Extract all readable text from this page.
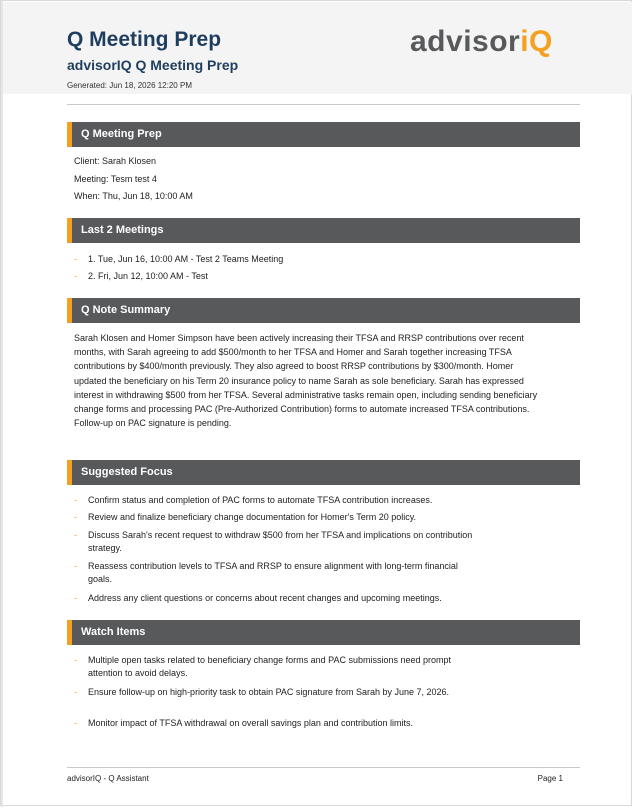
Q Meeting Prep
advisorIQ Q Meeting Prep
Generated: Jun 18, 2026 12:20 PM
advisoriQ
Q Meeting Prep
Client: Sarah Klosen
Meeting: Tesm test 4
When: Thu, Jun 18, 10:00 AM
Last 2 Meetings
- 1. Tue, Jun 16, 10:00 AM - Test 2 Teams Meeting
- 2. Fri, Jun 12, 10:00 AM - Test
Q Note Summary

Sarah Klosen and Homer Simpson have been actively increasing their TFSA and RRSP contributions over recent months, with Sarah agreeing to add $500/month to her TFSA and Homer and Sarah together increasing TFSA contributions by $400/month previously. They also agreed to boost RRSP contributions by $300/month. Homer updated the beneficiary on his Term 20 insurance policy to name Sarah as sole beneficiary. Sarah has expressed interest in withdrawing $500 from her TFSA. Several administrative tasks remain open, including sending beneficiary change forms and processing PAC (Pre-Authorized Contribution) forms to automate increased TFSA contributions. Follow-up on PAC signature is pending.

Suggested Focus
- Confirm status and completion of PAC forms to automate TFSA contribution increases.
- Review and finalize beneficiary change documentation for Homer's Term 20 policy.
- Discuss Sarah's recent request to withdraw $500 from her TFSA and implications on contribution strategy.
- Reassess contribution levels to TFSA and RRSP to ensure alignment with long-term financial goals.
- Address any client questions or concerns about recent changes and upcoming meetings.
Watch Items
- Multiple open tasks related to beneficiary change forms and PAC submissions need prompt attention to avoid delays.
- Ensure follow-up on high-priority task to obtain PAC signature from Sarah by June 7, 2026.
- Monitor impact of TFSA withdrawal on overall savings plan and contribution limits.
advisorIQ - Q Assistant	Page 1
